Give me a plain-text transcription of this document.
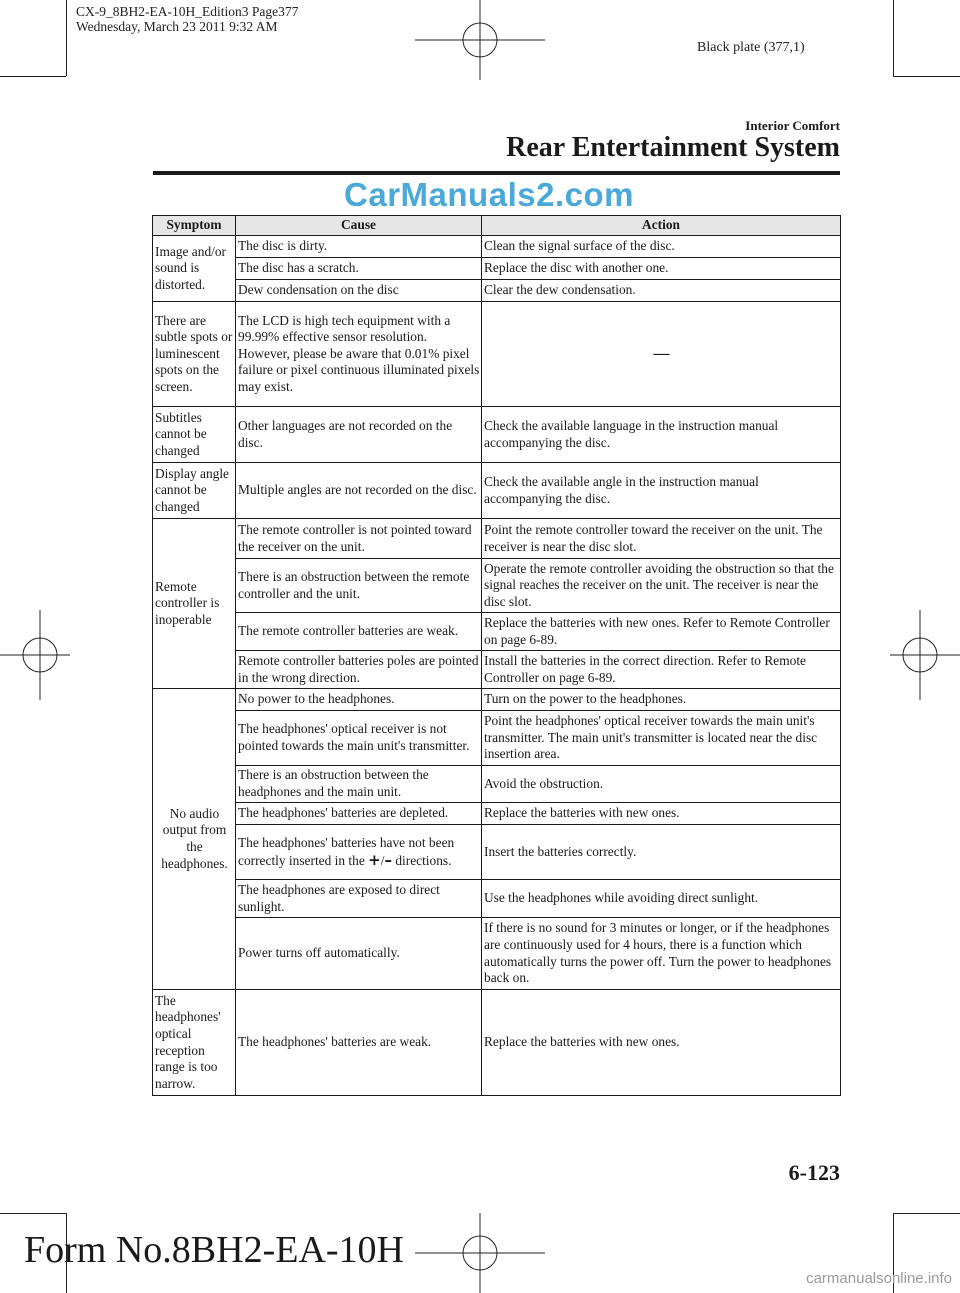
CX-9_8BH2-EA-10H_Edition3 Page377
Wednesday, March 23 2011 9:32 AM
Black plate (377,1)
Interior Comfort
Rear Entertainment System
CarManuals2.com
Symptom	Cause	Action
Image and/or sound is distorted.	The disc is dirty.	Clean the signal surface of the disc.
	The disc has a scratch.	Replace the disc with another one.
	Dew condensation on the disc	Clear the dew condensation.
There are subtle spots or luminescent spots on the screen.	The LCD is high tech equipment with a 99.99% effective sensor resolution. However, please be aware that 0.01% pixel failure or pixel continuous illuminated pixels may exist.	—
Subtitles cannot be changed	Other languages are not recorded on the disc.	Check the available language in the instruction manual accompanying the disc.
Display angle cannot be changed	Multiple angles are not recorded on the disc.	Check the available angle in the instruction manual accompanying the disc.
Remote controller is inoperable	The remote controller is not pointed toward the receiver on the unit.	Point the remote controller toward the receiver on the unit. The receiver is near the disc slot.
	There is an obstruction between the remote controller and the unit.	Operate the remote controller avoiding the obstruction so that the signal reaches the receiver on the unit. The receiver is near the disc slot.
	The remote controller batteries are weak.	Replace the batteries with new ones. Refer to Remote Controller on page 6-89.
	Remote controller batteries poles are pointed in the wrong direction.	Install the batteries in the correct direction. Refer to Remote Controller on page 6-89.
No audio output from the headphones.	No power to the headphones.	Turn on the power to the headphones.
	The headphones' optical receiver is not pointed towards the main unit's transmitter.	Point the headphones' optical receiver towards the main unit's transmitter. The main unit's transmitter is located near the disc insertion area.
	There is an obstruction between the headphones and the main unit.	Avoid the obstruction.
	The headphones' batteries are depleted.	Replace the batteries with new ones.
	The headphones' batteries have not been correctly inserted in the +/– directions.	Insert the batteries correctly.
	The headphones are exposed to direct sunlight.	Use the headphones while avoiding direct sunlight.
	Power turns off automatically.	If there is no sound for 3 minutes or longer, or if the headphones are continuously used for 4 hours, there is a function which automatically turns the power off. Turn the power to headphones back on.
The headphones' optical reception range is too narrow.	The headphones' batteries are weak.	Replace the batteries with new ones.
6-123
Form No.8BH2-EA-10H
carmanualsonline.info
